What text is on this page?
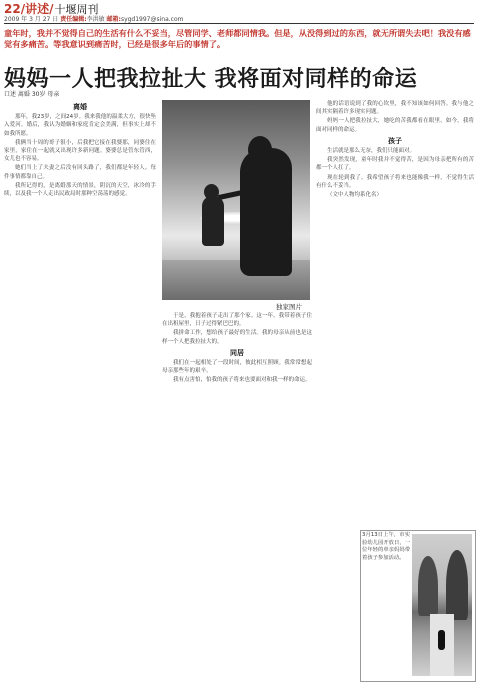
22/讲述/十堰周刊
2009 年 3 月 27 日 责任编辑:李洪敏 邮箱:sygd1997@sina.com
童年时，我并不觉得自己的生活有什么不妥当，尽管同学、老师都同情我。但是，从没得到过的东西，就无所谓失去吧！我没有感觉有多痛苦。等我意识到痛苦时，已经是很多年后的事情了。
妈妈一人把我拉扯大 我将面对同样的命运
口述 离婚 30岁 母亲
离婚

那年，我23岁，之间24岁。我来我他的温柔大方，很快坠入爱河。婚后，我认为婚姻和家庭肯定会美满，但事实上却不如我所愿。

我俩当十周的哥子很小，后我把它接在我婆那，同婆住在家里，家住在一起就又出现许多新问题。婆婆总是管东管西，女儿也不容易。

她们当上了夫妻之后没有回头路了，我们都是年轻人。每件事情都靠自己。

我所记得的，是离婚那天的情景，阴沉的天空，冰冷的手续，以及我一个人走出民政局时那种空荡荡的感觉。

独家图片

于是，我抱着孩子走出了那个家。这一年，我带着孩子住在出租屋里，日子过得紧巴巴的。

我拼命工作，想给孩子最好的生活。我的母亲从前也是这样一个人把我拉扯大的。

同居

我们在一起相处了一段时间，彼此相互照顾。我常常想起母亲那些年的艰辛。

我有点害怕，怕我的孩子将来也要面对和我一样的命运。

他的话语说到了我的心坎里，我不知该如何回答。我与他之间其实隔着许多现实问题。

妈妈一人把我拉扯大，她吃的苦我都看在眼里。如今，我将面对同样的命运。

孩子

生活就是那么无奈，我们只能面对。

我突然发现，童年时我并不觉得苦，是因为母亲把所有的苦都一个人扛了。

现在轮到我了。我希望孩子将来也能像我一样，不觉得生活有什么不妥当。

（文中人物均系化名）

3月13日上午，市实验幼儿园开放日，一位年轻的单亲妈妈带着孩子参加活动。
